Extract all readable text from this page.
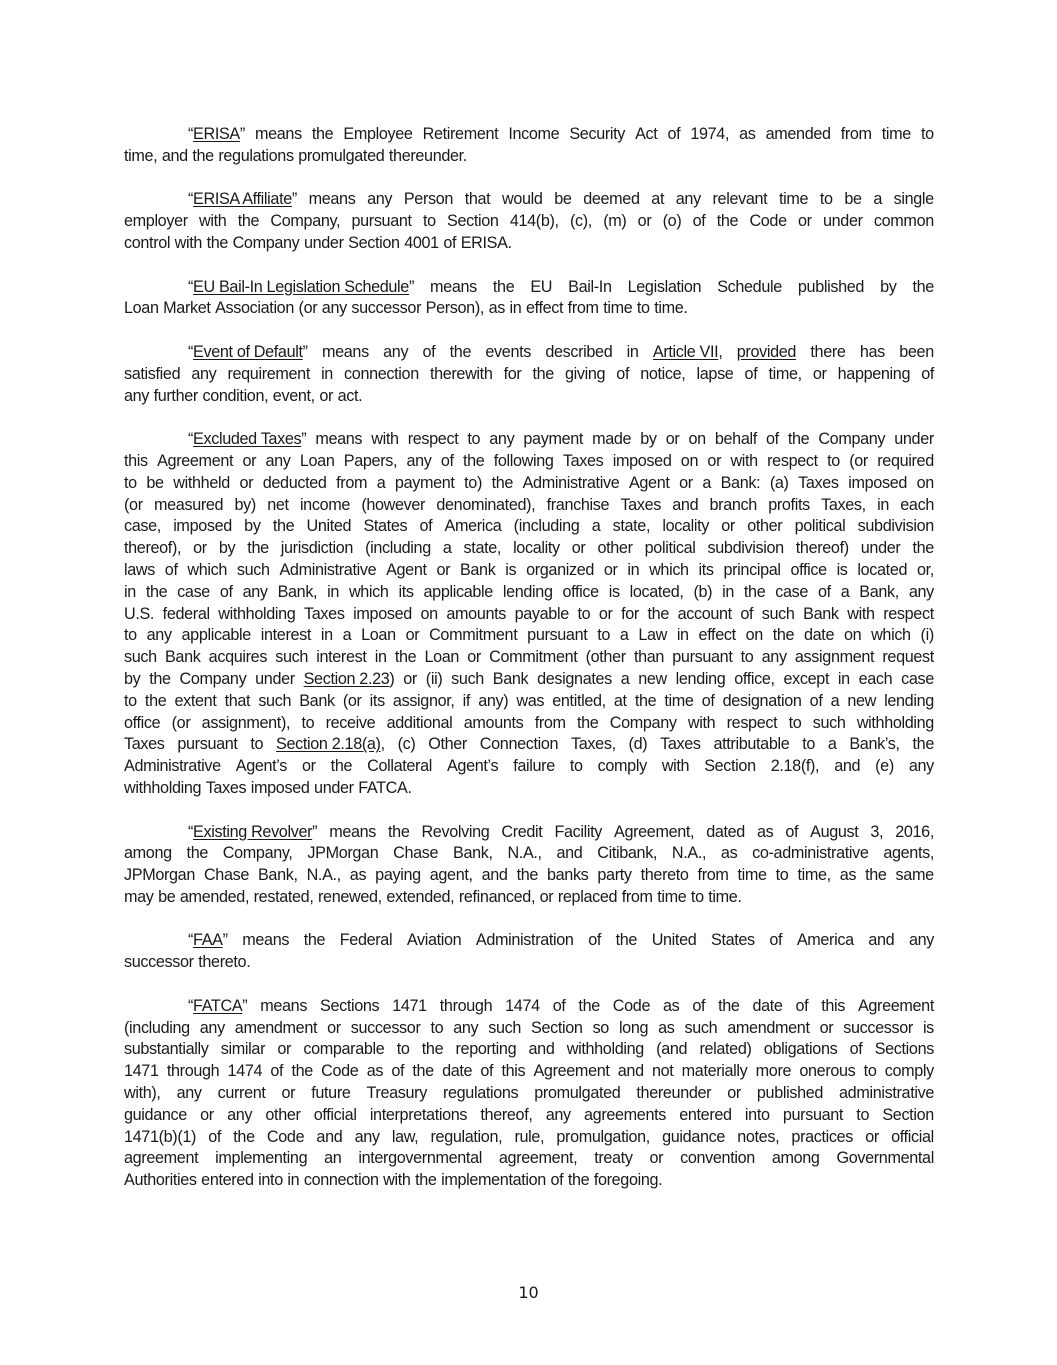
“ERISA” means the Employee Retirement Income Security Act of 1974, as amended from time to
time, and the regulations promulgated thereunder.
“ERISA Affiliate” means any Person that would be deemed at any relevant time to be a single
employer with the Company, pursuant to Section 414(b), (c), (m) or (o) of the Code or under common
control with the Company under Section 4001 of ERISA.
“EU Bail-In Legislation Schedule” means the EU Bail-In Legislation Schedule published by the
Loan Market Association (or any successor Person), as in effect from time to time.
“Event of Default” means any of the events described in Article VII, provided there has been
satisfied any requirement in connection therewith for the giving of notice, lapse of time, or happening of
any further condition, event, or act.
“Excluded Taxes” means with respect to any payment made by or on behalf of the Company under
this Agreement or any Loan Papers, any of the following Taxes imposed on or with respect to (or required
to be withheld or deducted from a payment to) the Administrative Agent or a Bank: (a) Taxes imposed on
(or measured by) net income (however denominated), franchise Taxes and branch profits Taxes, in each
case, imposed by the United States of America (including a state, locality or other political subdivision
thereof), or by the jurisdiction (including a state, locality or other political subdivision thereof) under the
laws of which such Administrative Agent or Bank is organized or in which its principal office is located or,
in the case of any Bank, in which its applicable lending office is located, (b) in the case of a Bank, any
U.S. federal withholding Taxes imposed on amounts payable to or for the account of such Bank with respect
to any applicable interest in a Loan or Commitment pursuant to a Law in effect on the date on which (i)
such Bank acquires such interest in the Loan or Commitment (other than pursuant to any assignment request
by the Company under Section 2.23) or (ii) such Bank designates a new lending office, except in each case
to the extent that such Bank (or its assignor, if any) was entitled, at the time of designation of a new lending
office (or assignment), to receive additional amounts from the Company with respect to such withholding
Taxes pursuant to Section 2.18(a), (c) Other Connection Taxes, (d) Taxes attributable to a Bank’s, the
Administrative Agent’s or the Collateral Agent’s failure to comply with Section 2.18(f), and (e) any
withholding Taxes imposed under FATCA.
“Existing Revolver” means the Revolving Credit Facility Agreement, dated as of August 3, 2016,
among the Company, JPMorgan Chase Bank, N.A., and Citibank, N.A., as co-administrative agents,
JPMorgan Chase Bank, N.A., as paying agent, and the banks party thereto from time to time, as the same
may be amended, restated, renewed, extended, refinanced, or replaced from time to time.
“FAA” means the Federal Aviation Administration of the United States of America and any
successor thereto.
“FATCA” means Sections 1471 through 1474 of the Code as of the date of this Agreement
(including any amendment or successor to any such Section so long as such amendment or successor is
substantially similar or comparable to the reporting and withholding (and related) obligations of Sections
1471 through 1474 of the Code as of the date of this Agreement and not materially more onerous to comply
with), any current or future Treasury regulations promulgated thereunder or published administrative
guidance or any other official interpretations thereof, any agreements entered into pursuant to Section
1471(b)(1) of the Code and any law, regulation, rule, promulgation, guidance notes, practices or official
agreement implementing an intergovernmental agreement, treaty or convention among Governmental
Authorities entered into in connection with the implementation of the foregoing.
10
